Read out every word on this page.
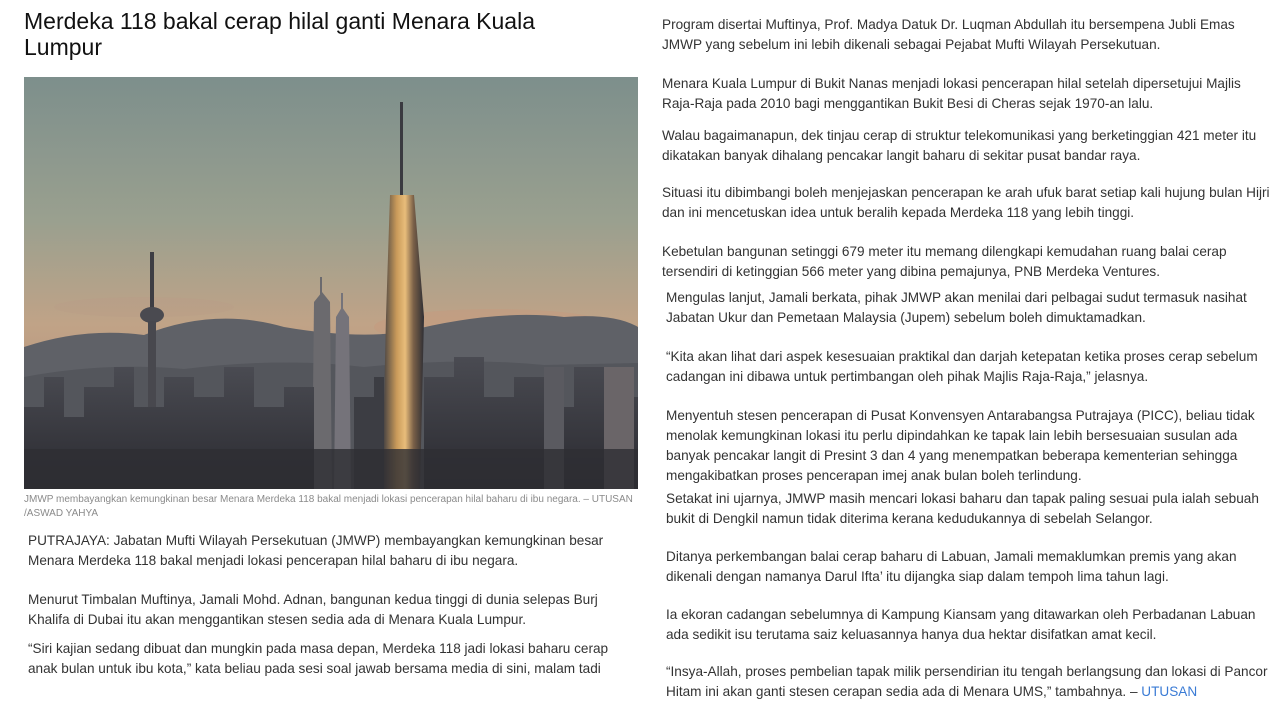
Merdeka 118 bakal cerap hilal ganti Menara Kuala Lumpur
JMWP membayangkan kemungkinan besar Menara Merdeka 118 bakal menjadi lokasi pencerapan hilal baharu di ibu negara. – UTUSAN /ASWAD YAHYA

PUTRAJAYA: Jabatan Mufti Wilayah Persekutuan (JMWP) membayangkan kemungkinan besar Menara Merdeka 118 bakal menjadi lokasi pencerapan hilal baharu di ibu negara.

Menurut Timbalan Muftinya, Jamali Mohd. Adnan, bangunan kedua tinggi di dunia selepas Burj Khalifa di Dubai itu akan menggantikan stesen sedia ada di Menara Kuala Lumpur.

“Siri kajian sedang dibuat dan mungkin pada masa depan, Merdeka 118 jadi lokasi baharu cerap anak bulan untuk ibu kota,” kata beliau pada sesi soal jawab bersama media di sini, malam tadi

Program disertai Muftinya, Prof. Madya Datuk Dr. Luqman Abdullah itu bersempena Jubli Emas JMWP yang sebelum ini lebih dikenali sebagai Pejabat Mufti Wilayah Persekutuan.

Menara Kuala Lumpur di Bukit Nanas menjadi lokasi pencerapan hilal setelah dipersetujui Majlis Raja-Raja pada 2010 bagi menggantikan Bukit Besi di Cheras sejak 1970-an lalu.

Walau bagaimanapun, dek tinjau cerap di struktur telekomunikasi yang berketinggian 421 meter itu dikatakan banyak dihalang pencakar langit baharu di sekitar pusat bandar raya.

Situasi itu dibimbangi boleh menjejaskan pencerapan ke arah ufuk barat setiap kali hujung bulan Hijri dan ini mencetuskan idea untuk beralih kepada Merdeka 118 yang lebih tinggi.

Kebetulan bangunan setinggi 679 meter itu memang dilengkapi kemudahan ruang balai cerap tersendiri di ketinggian 566 meter yang dibina pemajunya, PNB Merdeka Ventures.

Mengulas lanjut, Jamali berkata, pihak JMWP akan menilai dari pelbagai sudut termasuk nasihat Jabatan Ukur dan Pemetaan Malaysia (Jupem) sebelum boleh dimuktamadkan.

“Kita akan lihat dari aspek kesesuaian praktikal dan darjah ketepatan ketika proses cerap sebelum cadangan ini dibawa untuk pertimbangan oleh pihak Majlis Raja-Raja,” jelasnya.

Menyentuh stesen pencerapan di Pusat Konvensyen Antarabangsa Putrajaya (PICC), beliau tidak menolak kemungkinan lokasi itu perlu dipindahkan ke tapak lain lebih bersesuaian susulan ada banyak pencakar langit di Presint 3 dan 4 yang menempatkan beberapa kementerian sehingga mengakibatkan proses pencerapan imej anak bulan boleh terlindung.

Setakat ini ujarnya, JMWP masih mencari lokasi baharu dan tapak paling sesuai pula ialah sebuah bukit di Dengkil namun tidak diterima kerana kedudukannya di sebelah Selangor.

Ditanya perkembangan balai cerap baharu di Labuan, Jamali memaklumkan premis yang akan dikenali dengan namanya Darul Ifta’ itu dijangka siap dalam tempoh lima tahun lagi.

Ia ekoran cadangan sebelumnya di Kampung Kiansam yang ditawarkan oleh Perbadanan Labuan ada sedikit isu terutama saiz keluasannya hanya dua hektar disifatkan amat kecil.

“Insya-Allah, proses pembelian tapak milik persendirian itu tengah berlangsung dan lokasi di Pancor Hitam ini akan ganti stesen cerapan sedia ada di Menara UMS,” tambahnya. – UTUSAN
